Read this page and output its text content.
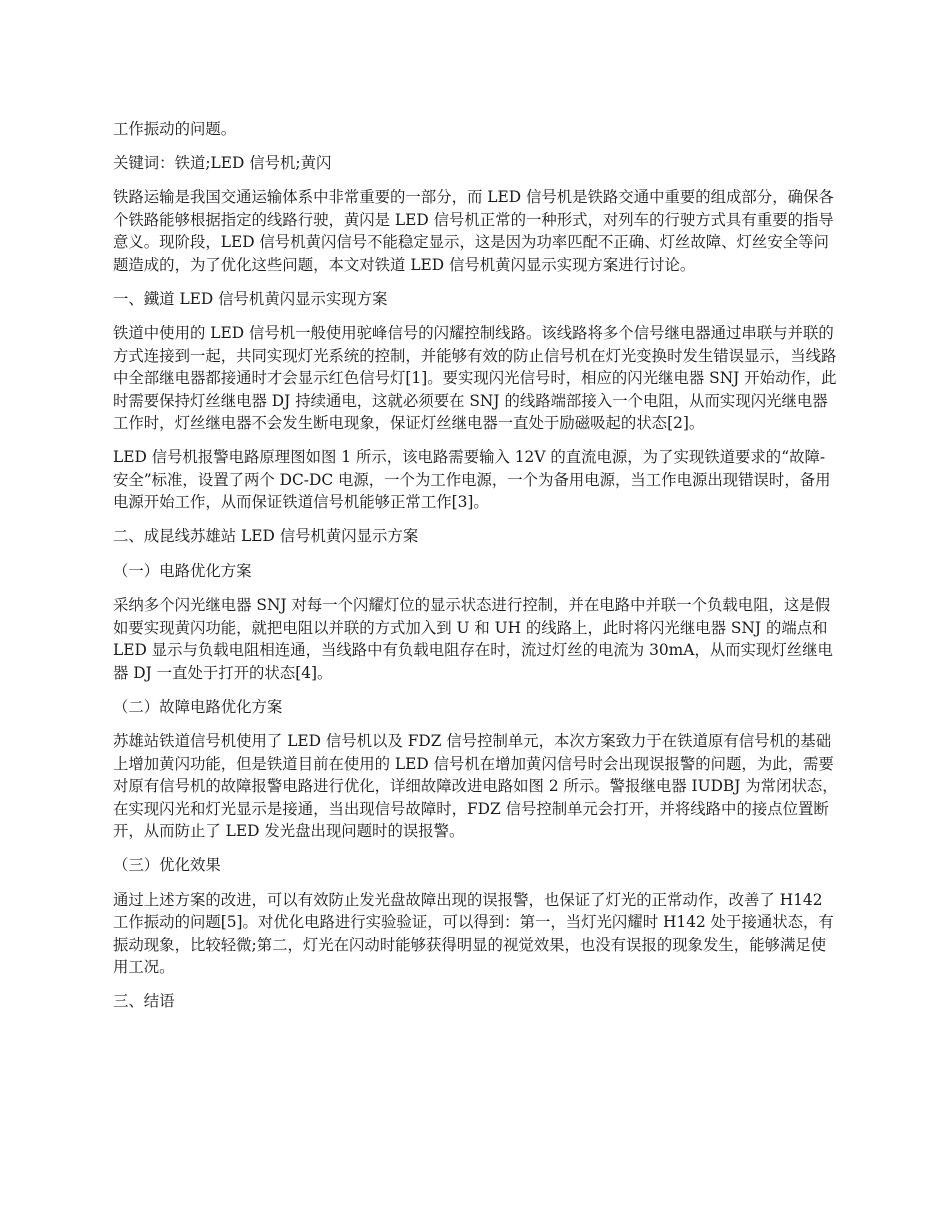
工作振动的问题。

关键词：铁道;LED 信号机;黄闪

铁路运输是我国交通运输体系中非常重要的一部分，而 LED 信号机是铁路交通中重要的组成部分，确保各个铁路能够根据指定的线路行驶，黄闪是 LED 信号机正常的一种形式，对列车的行驶方式具有重要的指导意义。现阶段，LED 信号机黄闪信号不能稳定显示，这是因为功率匹配不正确、灯丝故障、灯丝安全等问题造成的，为了优化这些问题，本文对铁道 LED 信号机黄闪显示实现方案进行讨论。

一、鐵道 LED 信号机黄闪显示实现方案

铁道中使用的 LED 信号机一般使用驼峰信号的闪耀控制线路。该线路将多个信号继电器通过串联与并联的方式连接到一起，共同实现灯光系统的控制，并能够有效的防止信号机在灯光变换时发生错误显示，当线路中全部继电器都接通时才会显示红色信号灯[1]。要实现闪光信号时，相应的闪光继电器 SNJ 开始动作，此时需要保持灯丝继电器 DJ 持续通电，这就必须要在 SNJ 的线路端部接入一个电阻，从而实现闪光继电器工作时，灯丝继电器不会发生断电现象，保证灯丝继电器一直处于励磁吸起的状态[2]。

LED 信号机报警电路原理图如图 1 所示，该电路需要输入 12V 的直流电源，为了实现铁道要求的“故障-安全”标准，设置了两个 DC-DC 电源，一个为工作电源，一个为备用电源，当工作电源出现错误时，备用电源开始工作，从而保证铁道信号机能够正常工作[3]。

二、成昆线苏雄站 LED 信号机黄闪显示方案
（一）电路优化方案

采纳多个闪光继电器 SNJ 对每一个闪耀灯位的显示状态进行控制，并在电路中并联一个负载电阻，这是假如要实现黄闪功能，就把电阻以并联的方式加入到 U 和 UH 的线路上，此时将闪光继电器 SNJ 的端点和 LED 显示与负载电阻相连通，当线路中有负载电阻存在时，流过灯丝的电流为 30mA，从而实现灯丝继电器 DJ 一直处于打开的状态[4]。

（二）故障电路优化方案

苏雄站铁道信号机使用了 LED 信号机以及 FDZ 信号控制单元，本次方案致力于在铁道原有信号机的基础上增加黄闪功能，但是铁道目前在使用的 LED 信号机在增加黄闪信号时会出现误报警的问题，为此，需要对原有信号机的故障报警电路进行优化，详细故障改进电路如图 2 所示。警报继电器 IUDBJ 为常闭状态，在实现闪光和灯光显示是接通，当出现信号故障时，FDZ 信号控制单元会打开，并将线路中的接点位置断开，从而防止了 LED 发光盘出现问题时的误报警。

（三）优化效果

通过上述方案的改进，可以有效防止发光盘故障出现的误报警，也保证了灯光的正常动作，改善了 H142 工作振动的问题[5]。对优化电路进行实验验证，可以得到：第一，当灯光闪耀时 H142 处于接通状态，有振动现象，比较轻微;第二，灯光在闪动时能够获得明显的视觉效果，也没有误报的现象发生，能够满足使用工况。

三、结语
